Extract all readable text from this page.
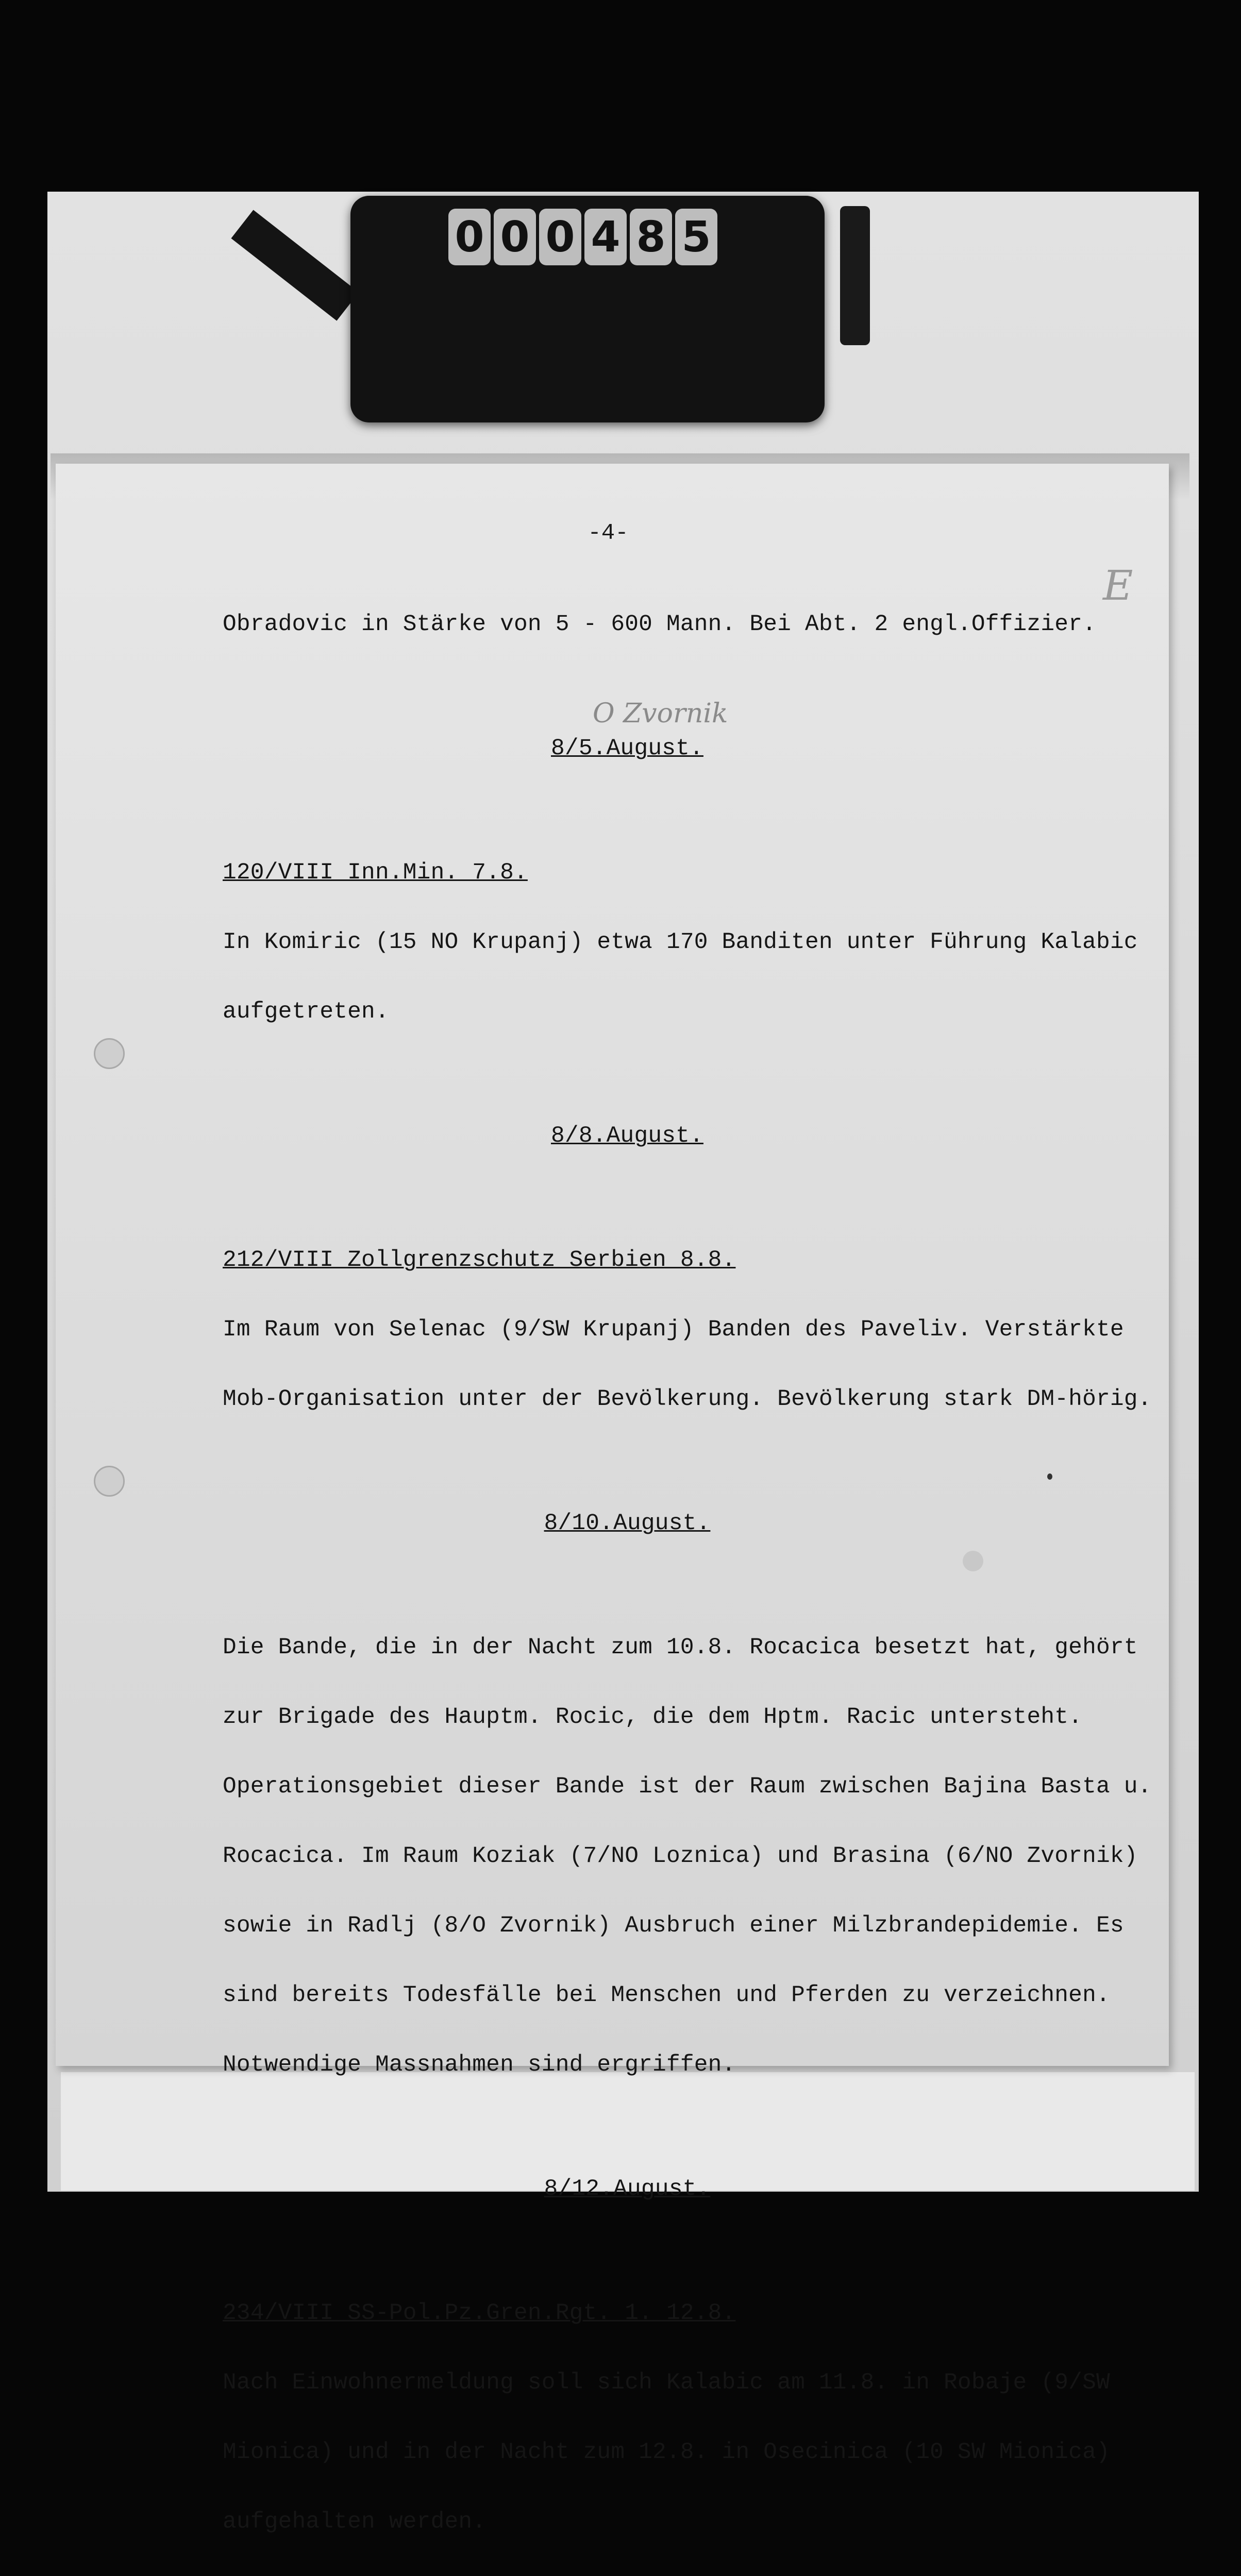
0 0 0 4 8 5
-4-
E
O Zvornik

Obradovic in Stärke von 5 - 600 Mann. Bei Abt. 2 engl.Offizier.

8/5.August.

120/VIII Inn.Min. 7.8.

In Komiric (15 NO Krupanj) etwa 170 Banditen unter Führung Kalabic

aufgetreten.

8/8.August.

212/VIII Zollgrenzschutz Serbien 8.8.

Im Raum von Selenac (9/SW Krupanj) Banden des Paveliv. Verstärkte

Mob-Organisation unter der Bevölkerung. Bevölkerung stark DM-hörig.

8/10.August.

Die Bande, die in der Nacht zum 10.8. Rocacica besetzt hat, gehört

zur Brigade des Hauptm. Rocic, die dem Hptm. Racic untersteht.

Operationsgebiet dieser Bande ist der Raum zwischen Bajina Basta u.

Rocacica. Im Raum Koziak (7/NO Loznica) und Brasina (6/NO Zvornik)

sowie in Radlj (8/O Zvornik) Ausbruch einer Milzbrandepidemie. Es

sind bereits Todesfälle bei Menschen und Pferden zu verzeichnen.

Notwendige Massnahmen sind ergriffen.

8/12.August.

234/VIII SS-Pol.Pz.Gren.Rgt. 1. 12.8.

Nach Einwohnermeldung soll sich Kalabic am 11.8. in Robaje (9/SW

Mionica) und in der Nacht zum 12.8. in Osecinica (10 SW Mionica)

aufgehalten werden.
